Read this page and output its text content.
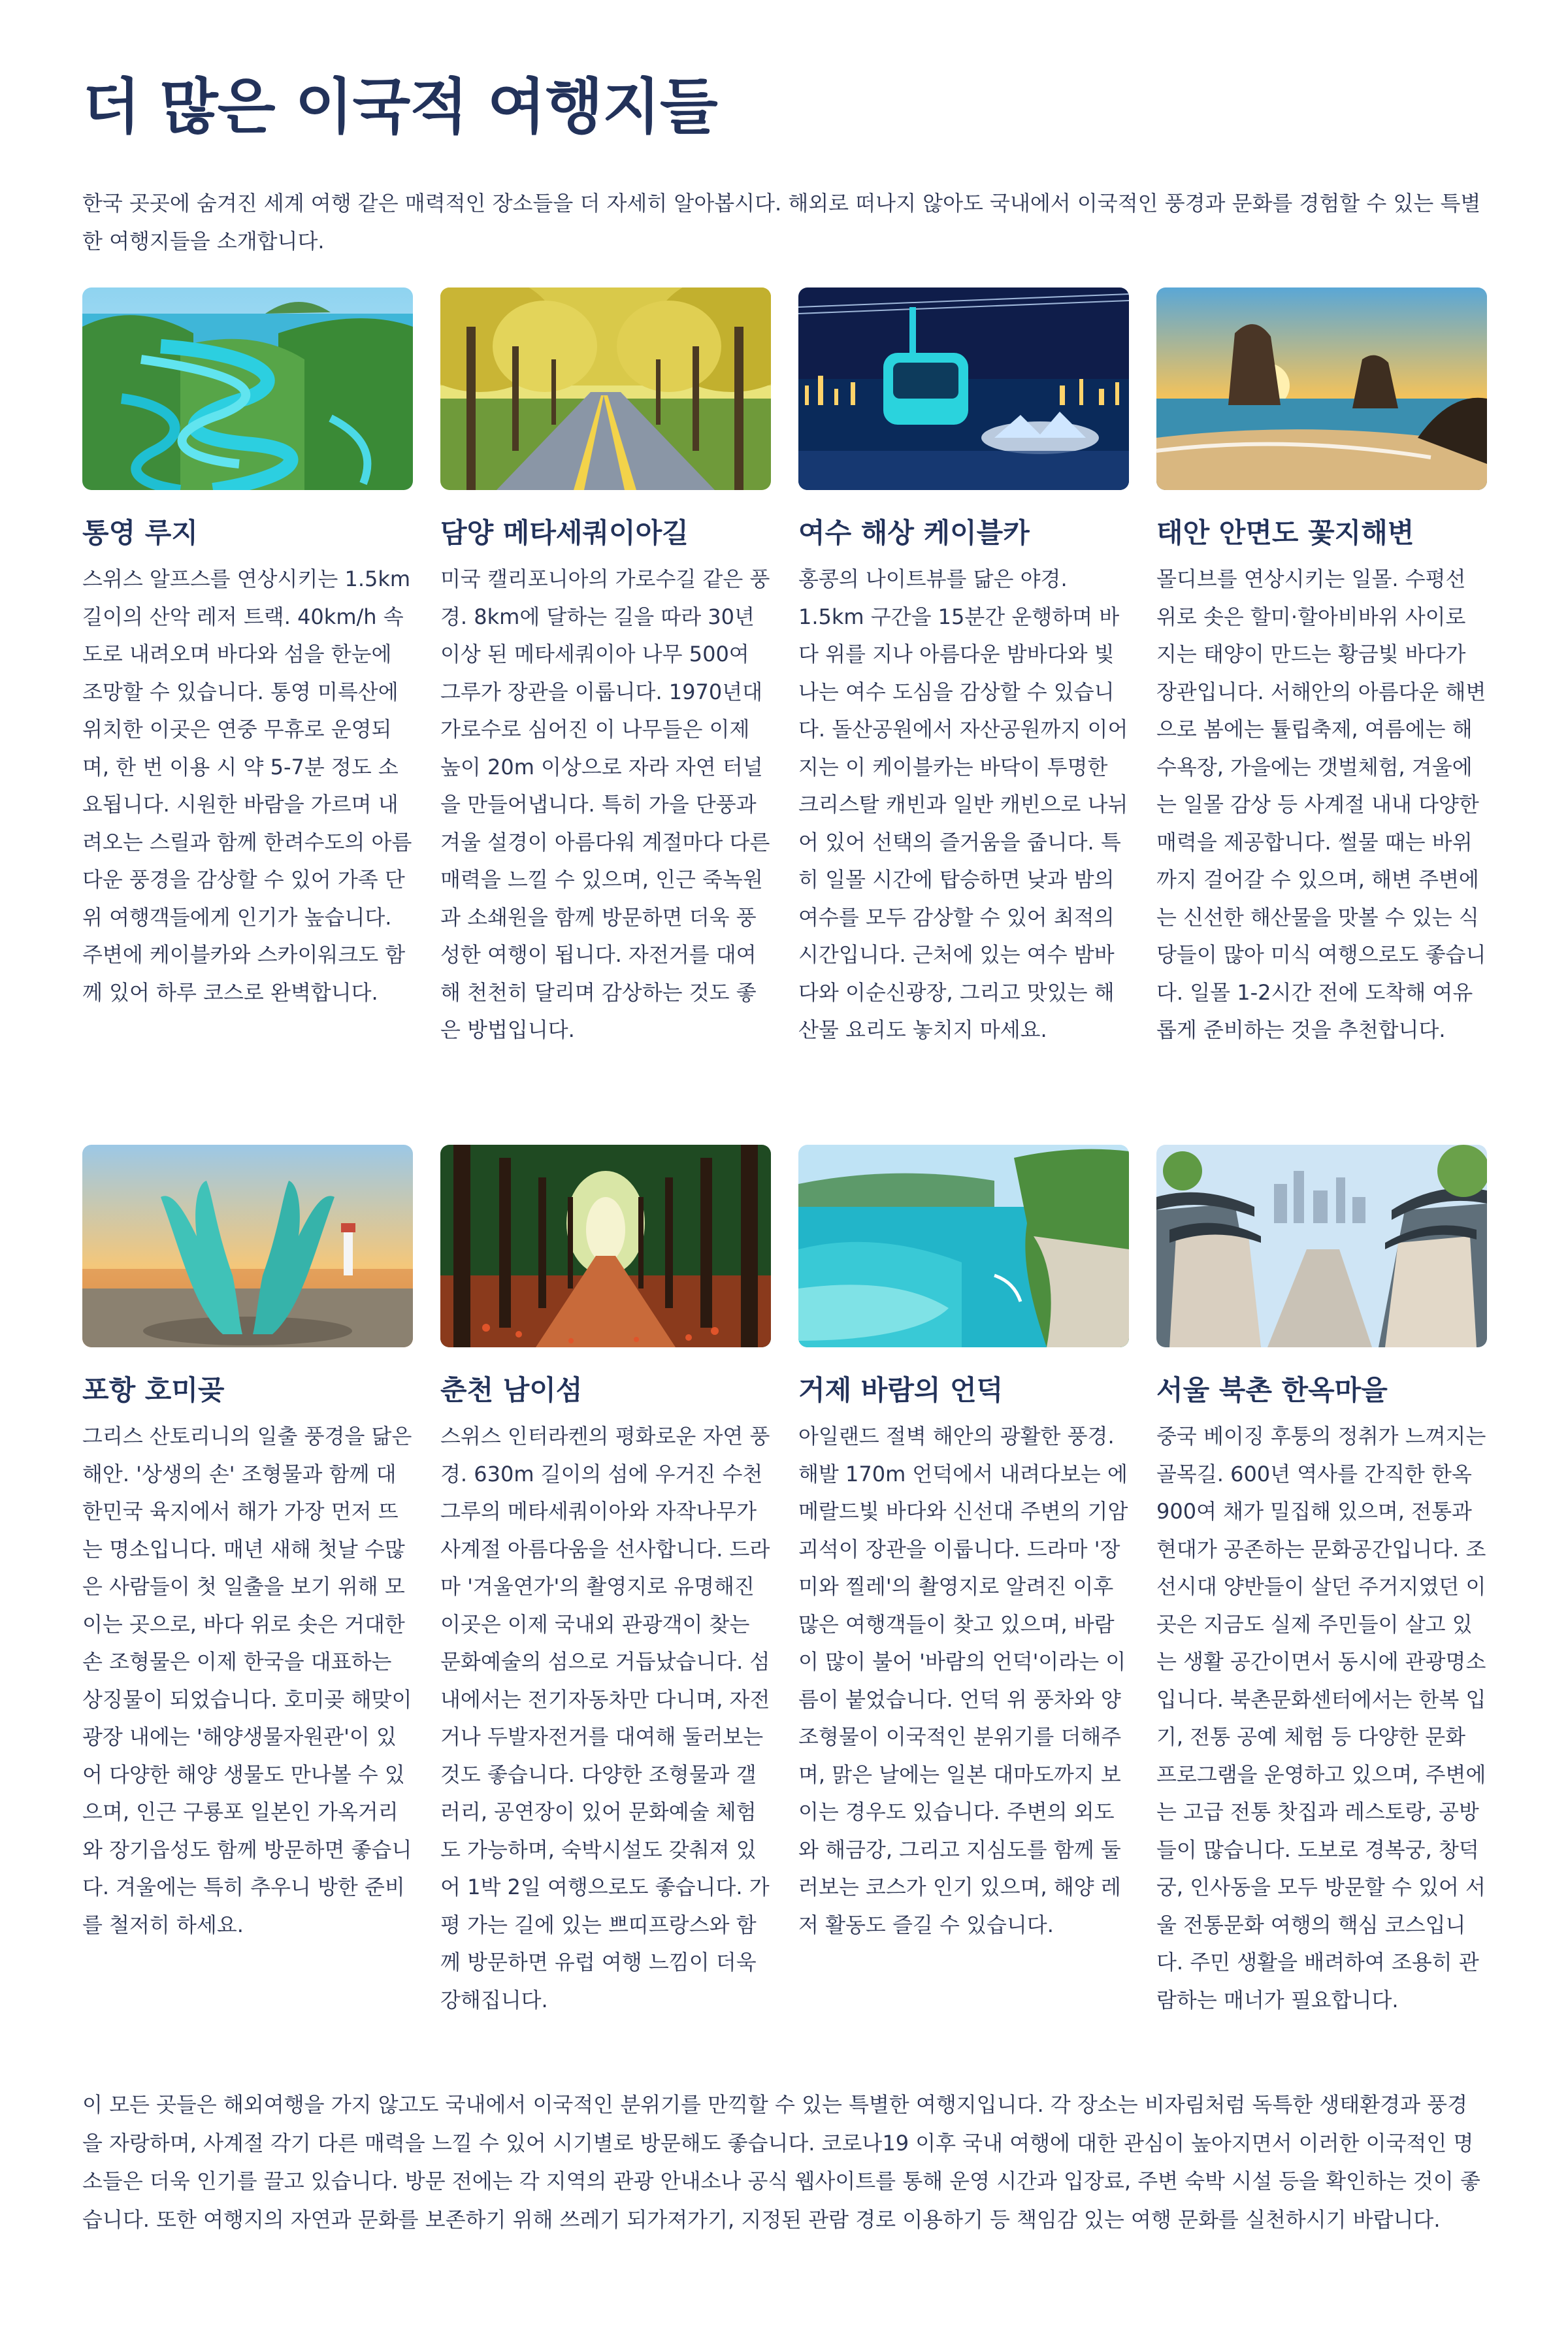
더 많은 이국적 여행지들

한국 곳곳에 숨겨진 세계 여행 같은 매력적인 장소들을 더 자세히 알아봅시다. 해외로 떠나지 않아도 국내에서 이국적인 풍경과 문화를 경험할 수 있는 특별한 여행지들을 소개합니다.

통영 루지

스위스 알프스를 연상시키는 1.5km 길이의 산악 레저 트랙. 40km/h 속도로 내려오며 바다와 섬을 한눈에 조망할 수 있습니다. 통영 미륵산에 위치한 이곳은 연중 무휴로 운영되며, 한 번 이용 시 약 5-7분 정도 소요됩니다. 시원한 바람을 가르며 내려오는 스릴과 함께 한려수도의 아름다운 풍경을 감상할 수 있어 가족 단위 여행객들에게 인기가 높습니다. 주변에 케이블카와 스카이워크도 함께 있어 하루 코스로 완벽합니다.

담양 메타세쿼이아길

미국 캘리포니아의 가로수길 같은 풍경. 8km에 달하는 길을 따라 30년 이상 된 메타세쿼이아 나무 500여 그루가 장관을 이룹니다. 1970년대 가로수로 심어진 이 나무들은 이제 높이 20m 이상으로 자라 자연 터널을 만들어냅니다. 특히 가을 단풍과 겨울 설경이 아름다워 계절마다 다른 매력을 느낄 수 있으며, 인근 죽녹원과 소쇄원을 함께 방문하면 더욱 풍성한 여행이 됩니다. 자전거를 대여해 천천히 달리며 감상하는 것도 좋은 방법입니다.

여수 해상 케이블카

홍콩의 나이트뷰를 닮은 야경. 1.5km 구간을 15분간 운행하며 바다 위를 지나 아름다운 밤바다와 빛나는 여수 도심을 감상할 수 있습니다. 돌산공원에서 자산공원까지 이어지는 이 케이블카는 바닥이 투명한 크리스탈 캐빈과 일반 캐빈으로 나뉘어 있어 선택의 즐거움을 줍니다. 특히 일몰 시간에 탑승하면 낮과 밤의 여수를 모두 감상할 수 있어 최적의 시간입니다. 근처에 있는 여수 밤바다와 이순신광장, 그리고 맛있는 해산물 요리도 놓치지 마세요.

태안 안면도 꽃지해변

몰디브를 연상시키는 일몰. 수평선 위로 솟은 할미·할아비바위 사이로 지는 태양이 만드는 황금빛 바다가 장관입니다. 서해안의 아름다운 해변으로 봄에는 튤립축제, 여름에는 해수욕장, 가을에는 갯벌체험, 겨울에는 일몰 감상 등 사계절 내내 다양한 매력을 제공합니다. 썰물 때는 바위까지 걸어갈 수 있으며, 해변 주변에는 신선한 해산물을 맛볼 수 있는 식당들이 많아 미식 여행으로도 좋습니다. 일몰 1-2시간 전에 도착해 여유롭게 준비하는 것을 추천합니다.

포항 호미곶

그리스 산토리니의 일출 풍경을 닮은 해안. '상생의 손' 조형물과 함께 대한민국 육지에서 해가 가장 먼저 뜨는 명소입니다. 매년 새해 첫날 수많은 사람들이 첫 일출을 보기 위해 모이는 곳으로, 바다 위로 솟은 거대한 손 조형물은 이제 한국을 대표하는 상징물이 되었습니다. 호미곶 해맞이광장 내에는 '해양생물자원관'이 있어 다양한 해양 생물도 만나볼 수 있으며, 인근 구룡포 일본인 가옥거리와 장기읍성도 함께 방문하면 좋습니다. 겨울에는 특히 추우니 방한 준비를 철저히 하세요.

춘천 남이섬

스위스 인터라켄의 평화로운 자연 풍경. 630m 길이의 섬에 우거진 수천 그루의 메타세쿼이아와 자작나무가 사계절 아름다움을 선사합니다. 드라마 '겨울연가'의 촬영지로 유명해진 이곳은 이제 국내외 관광객이 찾는 문화예술의 섬으로 거듭났습니다. 섬 내에서는 전기자동차만 다니며, 자전거나 두발자전거를 대여해 둘러보는 것도 좋습니다. 다양한 조형물과 갤러리, 공연장이 있어 문화예술 체험도 가능하며, 숙박시설도 갖춰져 있어 1박 2일 여행으로도 좋습니다. 가평 가는 길에 있는 쁘띠프랑스와 함께 방문하면 유럽 여행 느낌이 더욱 강해집니다.

거제 바람의 언덕

아일랜드 절벽 해안의 광활한 풍경. 해발 170m 언덕에서 내려다보는 에메랄드빛 바다와 신선대 주변의 기암괴석이 장관을 이룹니다. 드라마 '장미와 찔레'의 촬영지로 알려진 이후 많은 여행객들이 찾고 있으며, 바람이 많이 불어 '바람의 언덕'이라는 이름이 붙었습니다. 언덕 위 풍차와 양 조형물이 이국적인 분위기를 더해주며, 맑은 날에는 일본 대마도까지 보이는 경우도 있습니다. 주변의 외도와 해금강, 그리고 지심도를 함께 둘러보는 코스가 인기 있으며, 해양 레저 활동도 즐길 수 있습니다.

서울 북촌 한옥마을

중국 베이징 후퉁의 정취가 느껴지는 골목길. 600년 역사를 간직한 한옥 900여 채가 밀집해 있으며, 전통과 현대가 공존하는 문화공간입니다. 조선시대 양반들이 살던 주거지였던 이곳은 지금도 실제 주민들이 살고 있는 생활 공간이면서 동시에 관광명소입니다. 북촌문화센터에서는 한복 입기, 전통 공예 체험 등 다양한 문화 프로그램을 운영하고 있으며, 주변에는 고급 전통 찻집과 레스토랑, 공방들이 많습니다. 도보로 경복궁, 창덕궁, 인사동을 모두 방문할 수 있어 서울 전통문화 여행의 핵심 코스입니다. 주민 생활을 배려하여 조용히 관람하는 매너가 필요합니다.

이 모든 곳들은 해외여행을 가지 않고도 국내에서 이국적인 분위기를 만끽할 수 있는 특별한 여행지입니다. 각 장소는 비자림처럼 독특한 생태환경과 풍경을 자랑하며, 사계절 각기 다른 매력을 느낄 수 있어 시기별로 방문해도 좋습니다. 코로나19 이후 국내 여행에 대한 관심이 높아지면서 이러한 이국적인 명소들은 더욱 인기를 끌고 있습니다. 방문 전에는 각 지역의 관광 안내소나 공식 웹사이트를 통해 운영 시간과 입장료, 주변 숙박 시설 등을 확인하는 것이 좋습니다. 또한 여행지의 자연과 문화를 보존하기 위해 쓰레기 되가져가기, 지정된 관람 경로 이용하기 등 책임감 있는 여행 문화를 실천하시기 바랍니다.
